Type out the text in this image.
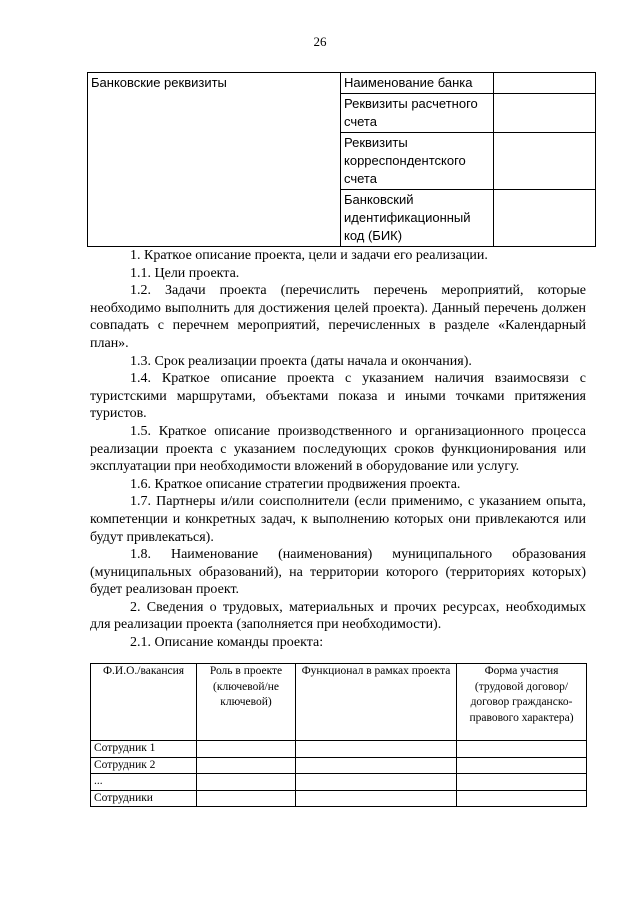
26
Банковские реквизиты	Наименование банка	
	Реквизиты расчетного счета	
	Реквизиты корреспондентского счета	
	Банковский идентификационный код (БИК)	

1. Краткое описание проекта, цели и задачи его реализации.

1.1. Цели проекта.

1.2. Задачи проекта (перечислить перечень мероприятий, которые необходимо выполнить для достижения целей проекта). Данный перечень должен совпадать с перечнем мероприятий, перечисленных в разделе «Календарный план».

1.3. Срок реализации проекта (даты начала и окончания).

1.4. Краткое описание проекта с указанием наличия взаимосвязи с туристскими маршрутами, объектами показа и иными точками притяжения туристов.

1.5. Краткое описание производственного и организационного процесса реализации проекта с указанием последующих сроков функционирования или эксплуатации при необходимости вложений в оборудование или услугу.

1.6. Краткое описание стратегии продвижения проекта.

1.7. Партнеры и/или соисполнители (если применимо, с указанием опыта, компетенции и конкретных задач, к выполнению которых они привлекаются или будут привлекаться).

1.8. Наименование (наименования) муниципального образования (муниципальных образований), на территории которого (территориях которых) будет реализован проект.

2. Сведения о трудовых, материальных и прочих ресурсах, необходимых для реализации проекта (заполняется при необходимости).

2.1. Описание команды проекта:

Ф.И.О./вакансия	Роль в проекте (ключевой/не ключевой)	Функционал в рамках проекта	Форма участия (трудовой договор/договор гражданско-правового характера)
Сотрудник 1			
Сотрудник 2			
...			
Сотрудники			
